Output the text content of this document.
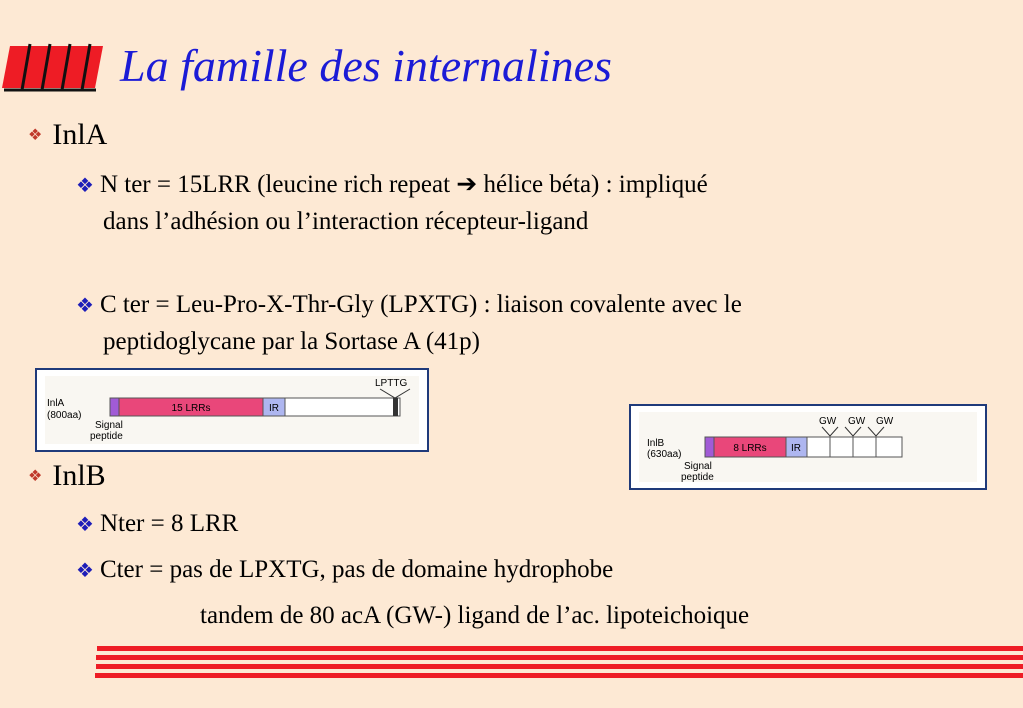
La famille des internalines
❖ InlA
❖ N ter = 15LRR (leucine rich repeat ➔ hélice béta) : impliqué
dans l’adhésion ou l’interaction récepteur-ligand
❖ C ter = Leu-Pro-X-Thr-Gly (LPXTG) : liaison covalente avec le
peptidoglycane par la Sortase A (41p)
InlA
(800aa)
15 LRRs	IR
LPTTG
Signal
peptide
❖ InlB
InlB
(630aa)
8 LRRs IR
GW GW GW
Signal
peptide
❖ Nter = 8 LRR
❖ Cter = pas de LPXTG, pas de domaine hydrophobe
tandem de 80 acA (GW-) ligand de l’ac. lipoteichoique
